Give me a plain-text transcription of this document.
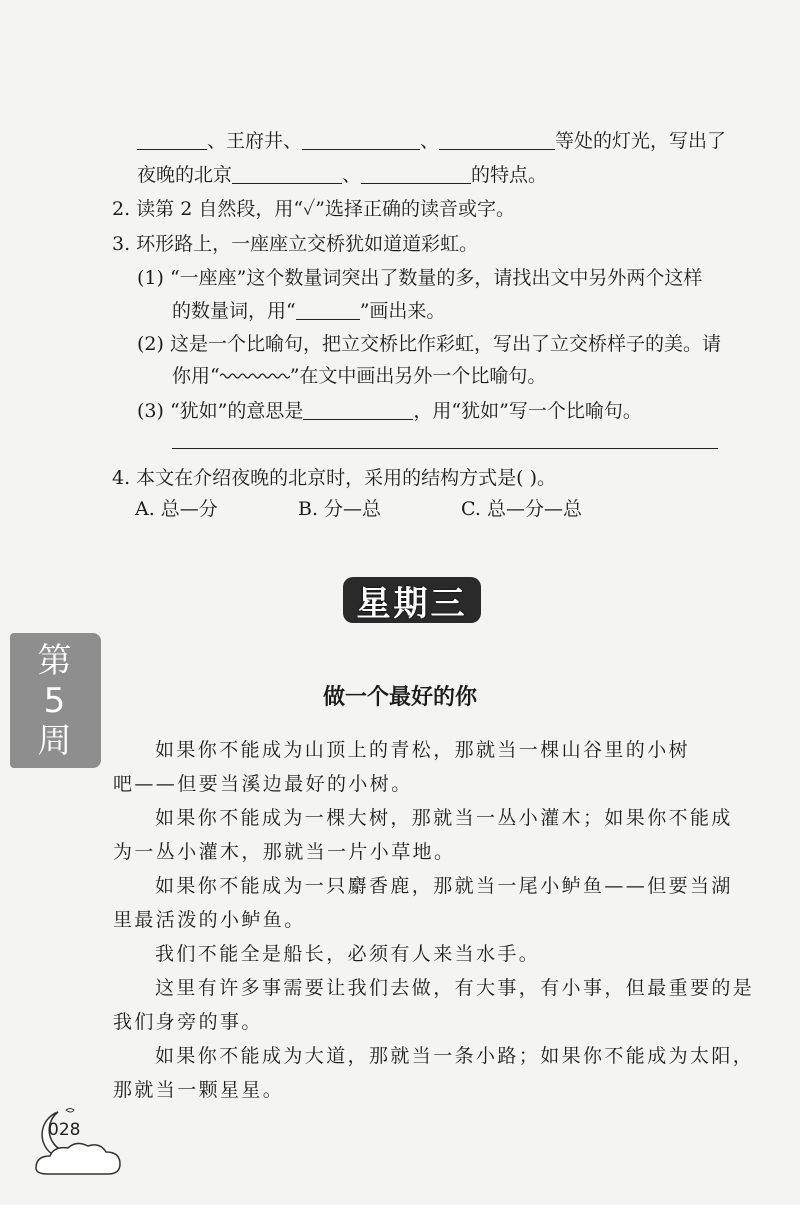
、王府井、	、	等处的灯光，写出了
夜晚的北京	、	的特点。
2. 读第 2 自然段，用“✓”选择正确的读音或字。
3. 环形路上，一座座立交桥犹如道道彩虹。
(1) “一座座”这个数量词突出了数量的多，请找出文中另外两个这样
的数量词，用“	”画出来。
(2) 这是一个比喻句，把立交桥比作彩虹，写出了立交桥样子的美。请
你用“	”在文中画出另外一个比喻句。
(3) “犹如”的意思是	，用“犹如”写一个比喻句。
4. 本文在介绍夜晚的北京时，采用的结构方式是( )。
A. 总—分	B. 分—总	C. 总—分—总
星期三
第
5
周
做一个最好的你
如果你不能成为山顶上的青松，那就当一棵山谷里的小树
吧——但要当溪边最好的小树。
如果你不能成为一棵大树，那就当一丛小灌木；如果你不能成
为一丛小灌木，那就当一片小草地。
如果你不能成为一只麝香鹿，那就当一尾小鲈鱼——但要当湖
里最活泼的小鲈鱼。
我们不能全是船长，必须有人来当水手。
这里有许多事需要让我们去做，有大事，有小事，但最重要的是
我们身旁的事。
如果你不能成为大道，那就当一条小路；如果你不能成为太阳，
那就当一颗星星。
028
